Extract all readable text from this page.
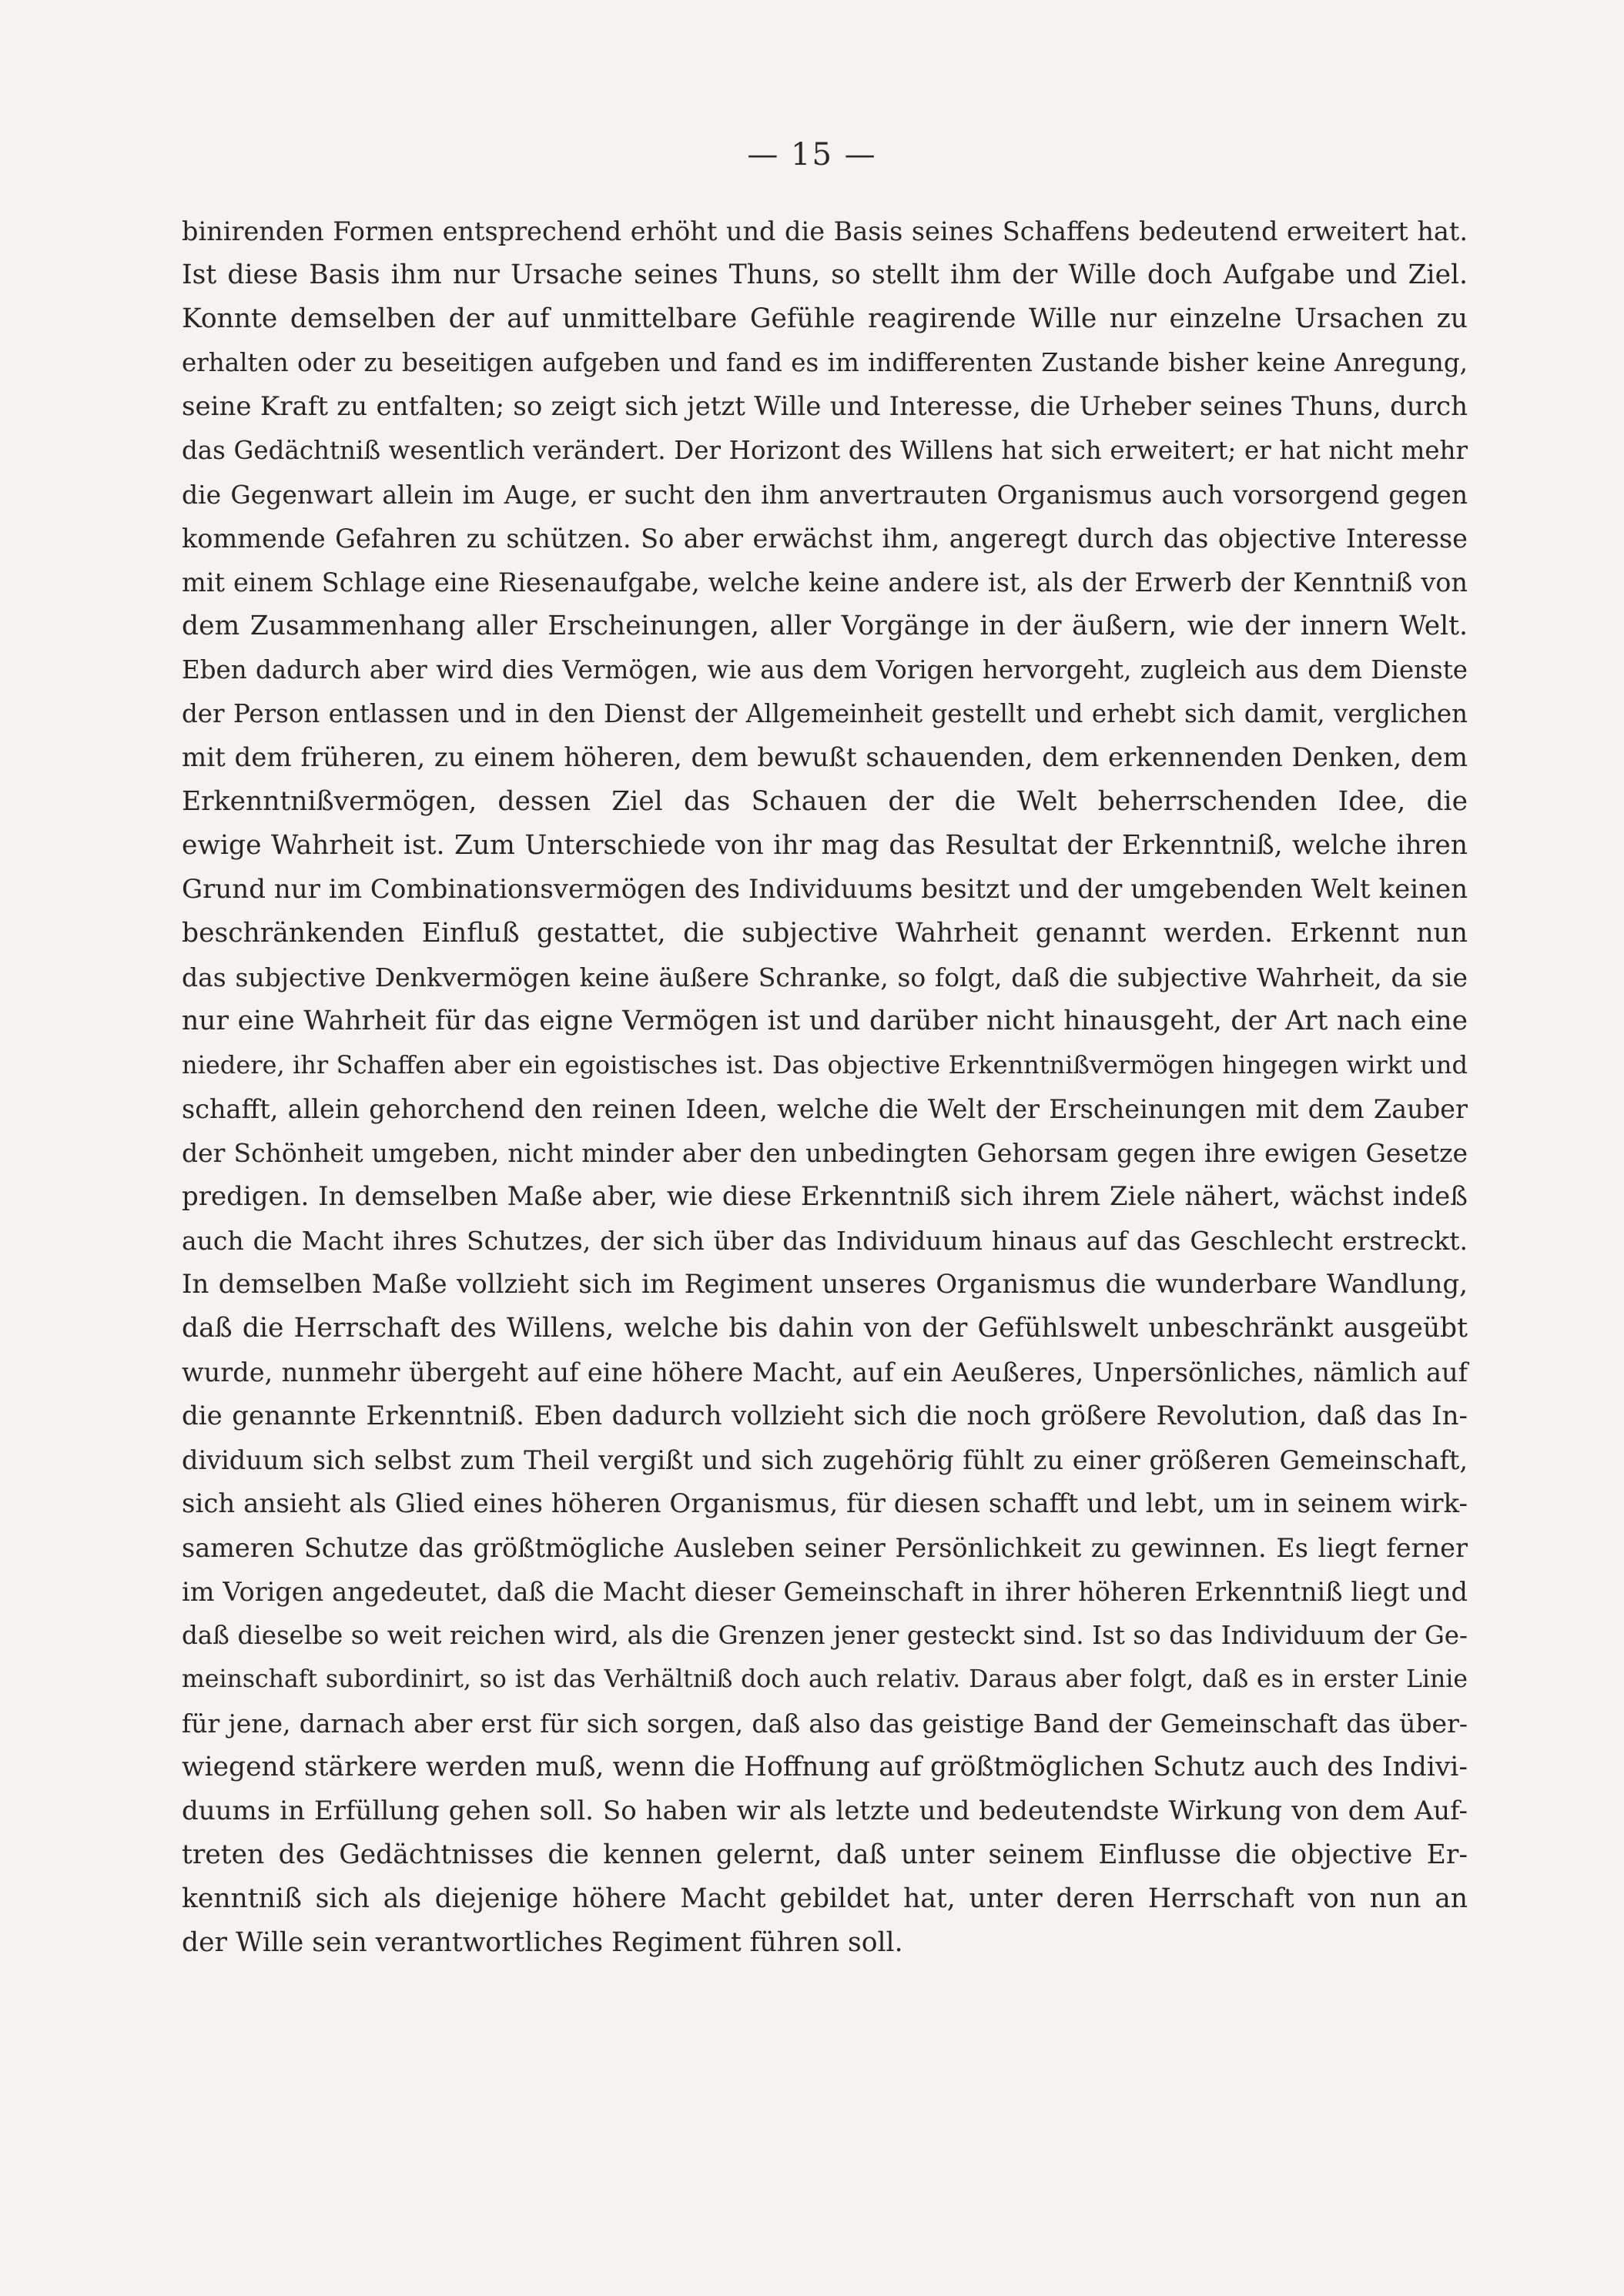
— 15 —
binirenden Formen entsprechend erhöht und die Basis seines Schaffens bedeutend erweitert hat.
Ist diese Basis ihm nur Ursache seines Thuns, so stellt ihm der Wille doch Aufgabe und Ziel.
Konnte demselben der auf unmittelbare Gefühle reagirende Wille nur einzelne Ursachen zu
erhalten oder zu beseitigen aufgeben und fand es im indifferenten Zustande bisher keine Anregung,
seine Kraft zu entfalten; so zeigt sich jetzt Wille und Interesse, die Urheber seines Thuns, durch
das Gedächtniß wesentlich verändert. Der Horizont des Willens hat sich erweitert; er hat nicht mehr
die Gegenwart allein im Auge, er sucht den ihm anvertrauten Organismus auch vorsorgend gegen
kommende Gefahren zu schützen. So aber erwächst ihm, angeregt durch das objective Interesse
mit einem Schlage eine Riesenaufgabe, welche keine andere ist, als der Erwerb der Kenntniß von
dem Zusammenhang aller Erscheinungen, aller Vorgänge in der äußern, wie der innern Welt.
Eben dadurch aber wird dies Vermögen, wie aus dem Vorigen hervorgeht, zugleich aus dem Dienste
der Person entlassen und in den Dienst der Allgemeinheit gestellt und erhebt sich damit, verglichen
mit dem früheren, zu einem höheren, dem bewußt schauenden, dem erkennenden Denken, dem
Erkenntnißvermögen, dessen Ziel das Schauen der die Welt beherrschenden Idee, die
ewige Wahrheit ist. Zum Unterschiede von ihr mag das Resultat der Erkenntniß, welche ihren
Grund nur im Combinationsvermögen des Individuums besitzt und der umgebenden Welt keinen
beschränkenden Einfluß gestattet, die subjective Wahrheit genannt werden. Erkennt nun
das subjective Denkvermögen keine äußere Schranke, so folgt, daß die subjective Wahrheit, da sie
nur eine Wahrheit für das eigne Vermögen ist und darüber nicht hinausgeht, der Art nach eine
niedere, ihr Schaffen aber ein egoistisches ist. Das objective Erkenntnißvermögen hingegen wirkt und
schafft, allein gehorchend den reinen Ideen, welche die Welt der Erscheinungen mit dem Zauber
der Schönheit umgeben, nicht minder aber den unbedingten Gehorsam gegen ihre ewigen Gesetze
predigen. In demselben Maße aber, wie diese Erkenntniß sich ihrem Ziele nähert, wächst indeß
auch die Macht ihres Schutzes, der sich über das Individuum hinaus auf das Geschlecht erstreckt.
In demselben Maße vollzieht sich im Regiment unseres Organismus die wunderbare Wandlung,
daß die Herrschaft des Willens, welche bis dahin von der Gefühlswelt unbeschränkt ausgeübt
wurde, nunmehr übergeht auf eine höhere Macht, auf ein Aeußeres, Unpersönliches, nämlich auf
die genannte Erkenntniß. Eben dadurch vollzieht sich die noch größere Revolution, daß das In-
dividuum sich selbst zum Theil vergißt und sich zugehörig fühlt zu einer größeren Gemeinschaft,
sich ansieht als Glied eines höheren Organismus, für diesen schafft und lebt, um in seinem wirk-
sameren Schutze das größtmögliche Ausleben seiner Persönlichkeit zu gewinnen. Es liegt ferner
im Vorigen angedeutet, daß die Macht dieser Gemeinschaft in ihrer höheren Erkenntniß liegt und
daß dieselbe so weit reichen wird, als die Grenzen jener gesteckt sind. Ist so das Individuum der Ge-
meinschaft subordinirt, so ist das Verhältniß doch auch relativ. Daraus aber folgt, daß es in erster Linie
für jene, darnach aber erst für sich sorgen, daß also das geistige Band der Gemeinschaft das über-
wiegend stärkere werden muß, wenn die Hoffnung auf größtmöglichen Schutz auch des Indivi-
duums in Erfüllung gehen soll. So haben wir als letzte und bedeutendste Wirkung von dem Auf-
treten des Gedächtnisses die kennen gelernt, daß unter seinem Einflusse die objective Er-
kenntniß sich als diejenige höhere Macht gebildet hat, unter deren Herrschaft von nun an
der Wille sein verantwortliches Regiment führen soll.
